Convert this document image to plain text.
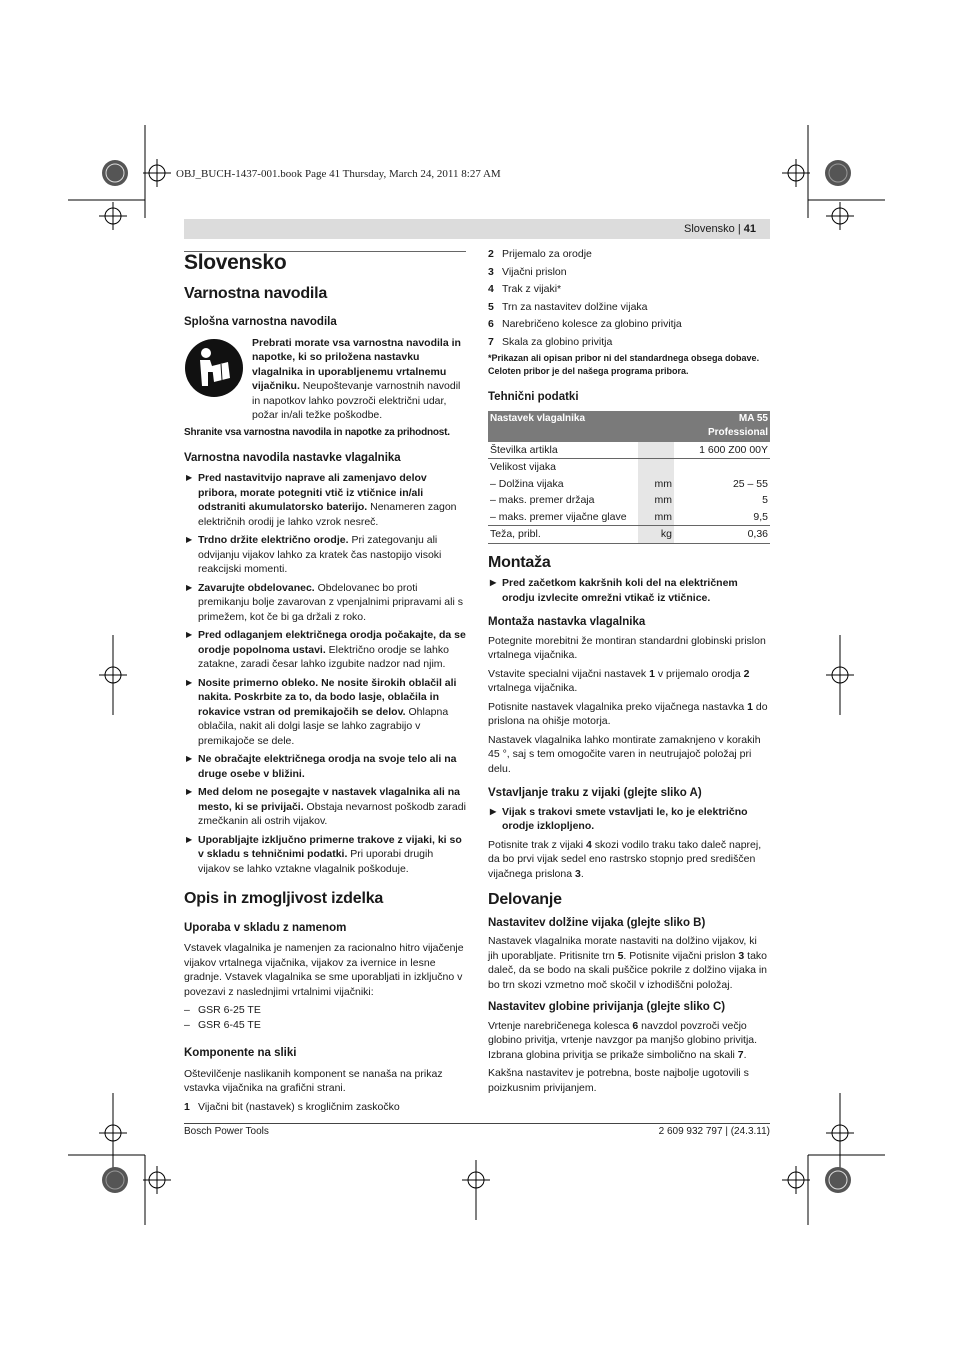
OBJ_BUCH-1437-001.book Page 41 Thursday, March 24, 2011 8:27 AM
Slovensko | 41
Slovensko
Varnostna navodila
Splošna varnostna navodila
Prebrati morate vsa varnostna navodila in napotke, ki so priložena nastavku vlagalnika in uporabljenemu vrtalnemu vijačniku. Neupoštevanje varnostnih navodil in napotkov lahko povzroči električni udar, požar in/ali težke poškodbe.

Shranite vsa varnostna navodila in napotke za prihodnost.

Varnostna navodila nastavke vlagalnika
▶ Pred nastavitvijo naprave ali zamenjavo delov pribora, morate potegniti vtič iz vtičnice in/ali odstraniti akumulatorsko baterijo. Nenameren zagon električnih orodij je lahko vzrok nesreč.
▶ Trdno držite električno orodje. Pri zategovanju ali odvijanju vijakov lahko za kratek čas nastopijo visoki reakcijski momenti.
▶ Zavarujte obdelovanec. Obdelovanec bo proti premikanju bolje zavarovan z vpenjalnimi pripravami ali s primežem, kot če bi ga držali z roko.
▶ Pred odlaganjem električnega orodja počakajte, da se orodje popolnoma ustavi. Električno orodje se lahko zatakne, zaradi česar lahko izgubite nadzor nad njim.
▶ Nosite primerno obleko. Ne nosite širokih oblačil ali nakita. Poskrbite za to, da bodo lasje, oblačila in rokavice vstran od premikajočih se delov. Ohlapna oblačila, nakit ali dolgi lasje se lahko zagrabijo v premikajoče se dele.
▶ Ne obračajte električnega orodja na svoje telo ali na druge osebe v bližini.
▶ Med delom ne posegajte v nastavek vlagalnika ali na mesto, ki se privijači. Obstaja nevarnost poškodb zaradi zmečkanin ali ostrih vijakov.
▶ Uporabljajte izključno primerne trakove z vijaki, ki so v skladu s tehničnimi podatki. Pri uporabi drugih vijakov se lahko vztakne vlagalnik poškoduje.
Opis in zmogljivost izdelka
Uporaba v skladu z namenom

Vstavek vlagalnika je namenjen za racionalno hitro vijačenje vijakov vrtalnega vijačnika, vijakov za ivernice in lesne gradnje. Vstavek vlagalnika se sme uporabljati in izključno v povezavi z naslednjimi vrtalnimi vijačniki:

– GSR 6-25 TE
– GSR 6-45 TE
Komponente na sliki

Oštevilčenje naslikanih komponent se nanaša na prikaz vstavka vijačnika na grafični strani.

1 Vijačni bit (nastavek) s krogličnim zaskočko
2 Prijemalo za orodje
3 Vijačni prislon
4 Trak z vijaki*
5 Trn za nastavitev dolžine vijaka
6 Narebričeno kolesce za globino privitja
7 Skala za globino privitja

*Prikazan ali opisan pribor ni del standardnega obsega dobave. Celoten pribor je del našega programa pribora.

Tehnični podatki
Nastavek vlagalnika		MA 55
Professional
Številka artikla		1 600 Z00 00Y
Velikost vijaka		
– Dolžina vijaka	mm	25 – 55
– maks. premer držaja	mm	5
– maks. premer vijačne glave	mm	9,5
Teža, pribl.	kg	0,36
Montaža
▶ Pred začetkom kakršnih koli del na električnem orodju izvlecite omrežni vtikač iz vtičnice.
Montaža nastavka vlagalnika

Potegnite morebitni že montiran standardni globinski prislon vrtalnega vijačnika.

Vstavite specialni vijačni nastavek 1 v prijemalo orodja 2 vrtalnega vijačnika.

Potisnite nastavek vlagalnika preko vijačnega nastavka 1 do prislona na ohišje motorja.

Nastavek vlagalnika lahko montirate zamaknjeno v korakih 45 °, saj s tem omogočite varen in neutrujajoč položaj pri delu.

Vstavljanje traku z vijaki (glejte sliko A)
▶ Vijak s trakovi smete vstavljati le, ko je električno orodje izklopljeno.

Potisnite trak z vijaki 4 skozi vodilo traku tako daleč naprej, da bo prvi vijak sedel eno rastrsko stopnjo pred središčen vijačnega prislona 3.

Delovanje
Nastavitev dolžine vijaka (glejte sliko B)

Nastavek vlagalnika morate nastaviti na dolžino vijakov, ki jih uporabljate. Pritisnite trn 5. Potisnite vijačni prislon 3 tako daleč, da se bodo na skali puščice pokrile z dolžino vijaka in bo trn skozi vzmetno moč skočil v izhodiščni položaj.

Nastavitev globine privijanja (glejte sliko C)

Vrtenje narebričenega kolesca 6 navzdol povzroči večjo globino privitja, vrtenje navzgor pa manjšo globino privitja. Izbrana globina privitja se prikaže simbolično na skali 7.

Kakšna nastavitev je potrebna, boste najbolje ugotovili s poizkusnim privijanjem.

Bosch Power Tools	2 609 932 797 | (24.3.11)
